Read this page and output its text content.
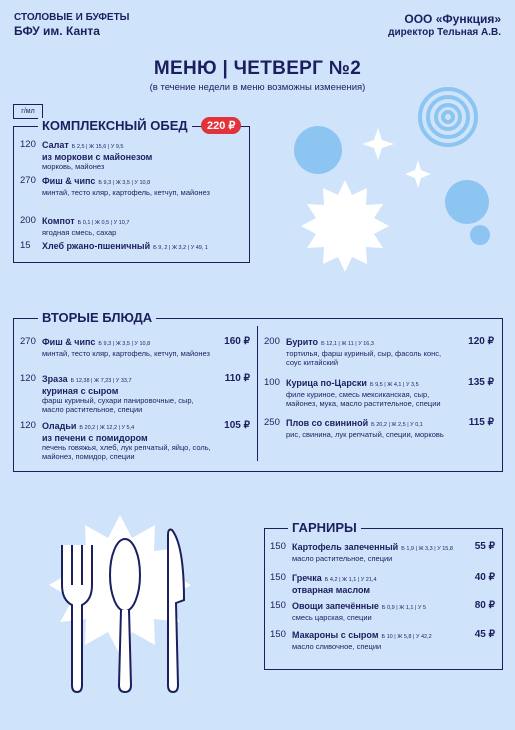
СТОЛОВЫЕ И БУФЕТЫ
БФУ им. Канта
ООО «Функция»
директор Тельная А.В.
МЕНЮ | ЧЕТВЕРГ №2
(в течение недели в меню возможны изменения)
г/мл
КОМПЛЕКСНЫЙ ОБЕД	220 ₽
120 Салат Б 2,5 | Ж 15,6 | У 9,5
из моркови с майонезом
морковь, майонез
270 Фиш & чипс Б 9,3 | Ж 3,5 | У 10,8
минтай, тесто кляр, картофель, кетчуп, майонез
200 Компот Б 0,1 | Ж 0,5 | У 10,7
ягодная смесь, сахар
15 Хлеб ржано-пшеничный Б 9, 2 | Ж 3,2 | У 49, 1
ВТОРЫЕ БЛЮДА
270 Фиш & чипс Б 9,3 | Ж 3,5 | У 10,8
минтай, тесто кляр, картофель, кетчуп, майонез
160 ₽
120 Зраза Б 12,38 | Ж 7,23 | У 33,7
куриная с сыром
фарш куриный, сухари панировочные, сыр, масло растительное, специи
110 ₽
120 Оладьи Б 20,2 | Ж 12,2 | У 5,4
из печени с помидором
печень говяжья, хлеб, лук репчатый, яйцо, соль, майонез, помидор, специи
105 ₽
200 Бурито Б 12,1 | Ж 11 | У 16,3
тортилья, фарш куриный, сыр, фасоль конс, соус китайский
120 ₽
100 Курица по-Царски Б 9,5 | Ж 4,1 | У 3,5
филе куриное, смесь мексиканская, сыр, майонез, мука, масло растительное, специи
135 ₽
250 Плов со свининой Б 20,2 | Ж 2,5 | У 0,1
рис, свинина, лук репчатый, специи, морковь
115 ₽
ГАРНИРЫ
150 Картофель запеченный Б 1,9 | Ж 3,3 | У 15,8
масло растительное, специи
55 ₽
150 Гречка Б 4,2 | Ж 1,1 | У 21,4
отварная маслом
40 ₽
150 Овощи запечённые Б 0,9 | Ж 1,1 | У 5
смесь царская, специи
80 ₽
150 Макароны с сыром Б 10 | Ж 5,8 | У 42,2
масло сливочное, специи
45 ₽
